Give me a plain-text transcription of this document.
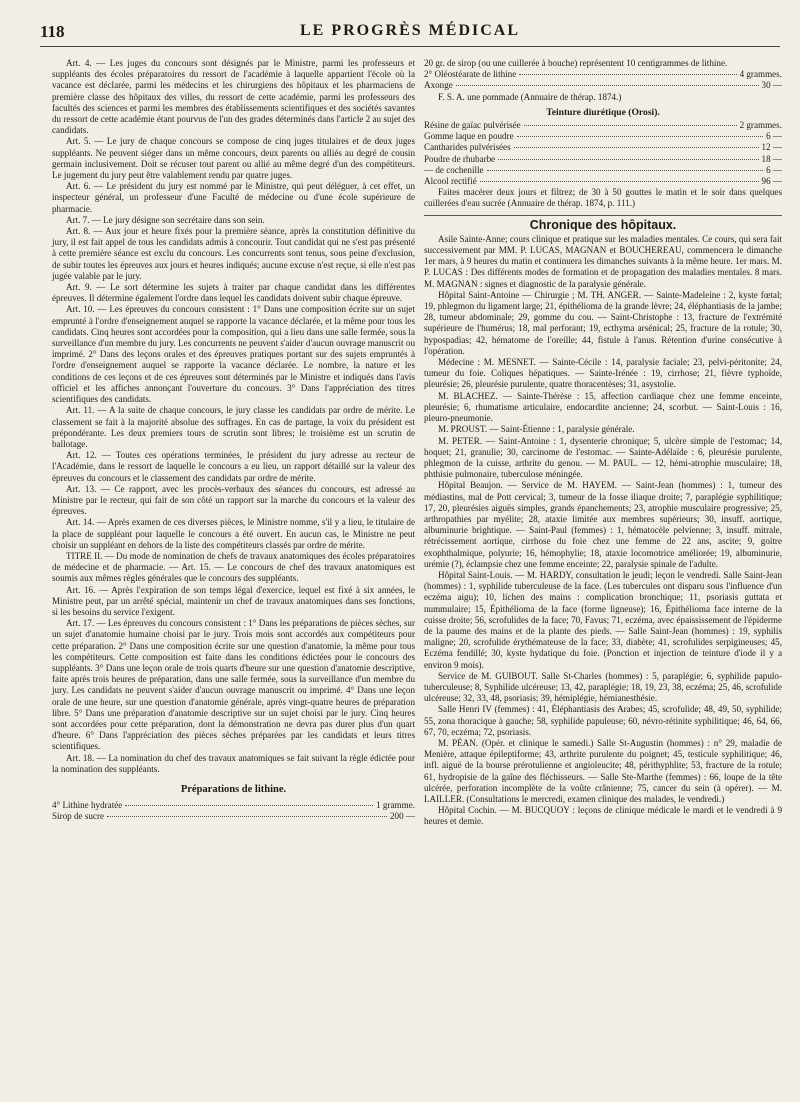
118	LE PROGRÈS MÉDICAL

Art. 4. — Les juges du concours sont désignés par le Ministre, parmi les professeurs et suppléants des écoles préparatoires du ressort de l'académie à laquelle appartient l'école où la vacance est déclarée, parmi les médecins et les chirurgiens des hôpitaux et les pharmaciens de première classe des hôpitaux des villes, du ressort de cette académie, parmi les professeurs des facultés des sciences et parmi les membres des établissements scientifiques et des sociétés savantes du ressort de cette académie étant pourvus de l'un des grades déterminés dans l'article 2 au sujet des candidats.

Art. 5. — Le jury de chaque concours se compose de cinq juges titulaires et de deux juges suppléants. Ne peuvent siéger dans un même concours, deux parents ou alliés au degré de cousin germain inclusivement. Doit se récuser tout parent ou allié au même degré d'un des compétiteurs. Le jugement du jury peut être valablement rendu par quatre juges.

Art. 6. — Le président du jury est nommé par le Ministre, qui peut déléguer, à cet effet, un inspecteur général, un professeur d'une Faculté de médecine ou d'une école supérieure de pharmacie.

Art. 7. — Le jury désigne son secrétaire dans son sein.

Art. 8. — Aux jour et heure fixés pour la première séance, après la constitution définitive du jury, il est fait appel de tous les candidats admis à concourir. Tout candidat qui ne s'est pas présenté à cette première séance est exclu du concours. Les concurrents sont tenus, sous peine d'exclusion, de subir toutes les épreuves aux jours et heures indiqués; aucune excuse n'est reçue, si elle n'est pas jugée valable par le jury.

Art. 9. — Le sort détermine les sujets à traiter par chaque candidat dans les différentes épreuves. Il détermine également l'ordre dans lequel les candidats doivent subir chaque épreuve.

Art. 10. — Les épreuves du concours consistent : 1° Dans une composition écrite sur un sujet emprunté à l'ordre d'enseignement auquel se rapporte la vacance déclarée, et la même pour tous les candidats. Cinq heures sont accordées pour la composition, qui a lieu dans une salle fermée, sous la surveillance d'un membre du jury. Les concurrents ne peuvent s'aider d'aucun ouvrage manuscrit ou imprimé. 2° Dans des leçons orales et des épreuves pratiques portant sur des sujets empruntés à l'ordre d'enseignement auquel se rapporte la vacance déclarée. Le nombre, la nature et les conditions de ces leçons et de ces épreuves sont déterminés par le Ministre et indiqués dans l'avis officiel et les affiches annonçant l'ouverture du concours. 3° Dans l'appréciation des titres scientifiques des candidats.

Art. 11. — A la suite de chaque concours, le jury classe les candidats par ordre de mérite. Le classement se fait à la majorité absolue des suffrages. En cas de partage, la voix du président est prépondérante. Les deux premiers tours de scrutin sont libres; le troisième est un scrutin de ballotage.

Art. 12. — Toutes ces opérations terminées, le président du jury adresse au recteur de l'Académie, dans le ressort de laquelle le concours a eu lieu, un rapport détaillé sur la valeur des épreuves du concours et le classement des candidats par ordre de mérite.

Art. 13. — Ce rapport, avec les procès-verbaux des séances du concours, est adressé au Ministre par le recteur, qui fait de son côté un rapport sur la marche du concours et la valeur des épreuves.

Art. 14. — Après examen de ces diverses pièces, le Ministre nomme, s'il y a lieu, le titulaire de la place de suppléant pour laquelle le concours a été ouvert. En aucun cas, le Ministre ne peut choisir un suppléant en dehors de la liste des compétiteurs classés par ordre de mérite.

TITRE II. — Du mode de nomination de chefs de travaux anatomiques des écoles préparatoires de médecine et de pharmacie. — Art. 15. — Le concours de chef des travaux anatomiques est soumis aux mêmes règles générales que le concours des suppléants.

Art. 16. — Après l'expiration de son temps légal d'exercice, lequel est fixé à six années, le Ministre peut, par un arrêté spécial, maintenir un chef de travaux anatomiques dans ses fonctions, si les besoins du service l'exigent.

Art. 17. — Les épreuves du concours consistent : 1° Dans les préparations de pièces sèches, sur un sujet d'anatomie humaine choisi par le jury. Trois mois sont accordés aux compétiteurs pour cette préparation. 2° Dans une composition écrite sur une question d'anatomie, la même pour tous les compétiteurs. Cette composition est faite dans les conditions édictées pour le concours des suppléants. 3° Dans une leçon orale de trois quarts d'heure sur une question d'anatomie descriptive, faite après trois heures de préparation, dans une salle fermée, sous la surveillance d'un membre du jury. Les candidats ne peuvent s'aider d'aucun ouvrage manuscrit ou imprimé. 4° Dans une leçon orale de une heure, sur une question d'anatomie générale, après vingt-quatre heures de préparation libre. 5° Dans une préparation d'anatomie descriptive sur un sujet choisi par le jury. Cinq heures sont accordées pour cette préparation, dont la démonstration ne devra pas durer plus d'un quart d'heure. 6° Dans l'appréciation des pièces sèches préparées par les candidats et leurs titres scientifiques.

Art. 18. — La nomination du chef des travaux anatomiques se fait suivant la règle édictée pour la nomination des suppléants.

Préparations de lithine.
4° Lithine hydratée	1 gramme.
Sirop de sucre	200 —

20 gr. de sirop (ou une cuillerée à bouche) représentent 10 centigrammes de lithine.

2° Oléostéarate de lithine	4 grammes.
Axonge	30 —

F. S. A. une pommade (Annuaire de thérap. 1874.)

Teinture diurétique (Orosi).
Résine de gaïac pulvérisée	2 grammes.
Gomme laque en poudre	6 —
Cantharides pulvérisées	12 —
Poudre de rhubarbe	18 —
— de cochenille	6 —
Alcool rectifié	96 —

Faites macérer deux jours et filtrez; de 30 à 50 gouttes le matin et le soir dans quelques cuillerées d'eau sucrée (Annuaire de thérap. 1874, p. 111.)

Chronique des hôpitaux.

Asile Sainte-Anne; cours clinique et pratique sur les maladies mentales. Ce cours, qui sera fait successivement par MM. P. LUCAS, MAGNAN et BOUCHEREAU, commencera le dimanche 1er mars, à 9 heures du matin et continuera les dimanches suivants à la même heure. 1er mars. M. P. LUCAS : Des différents modes de formation et de propagation des maladies mentales. 8 mars. M. MAGNAN : signes et diagnostic de la paralysie générale.

Hôpital Saint-Antoine — Chirurgie ; M. TH. ANGER. — Sainte-Madeleine : 2, kyste fœtal; 19, phlegmon du ligament large; 21, épithélioma de la grande lèvre; 24, éléphantiasis de la jambe; 28, tumeur abdominale; 29, gomme du cou. — Saint-Christophe : 13, fracture de l'extrémité supérieure de l'humérus; 18, mal perforant; 19, ecthyma arsénical; 25, fracture de la rotule; 30, hypospadias; 42, hématome de l'oreille; 44, fistule à l'anus. Rétention d'urine consécutive à l'opération.

Médecine : M. MESNET. — Sainte-Cécile : 14, paralysie faciale; 23, pelvi-péritonite; 24, tumeur du foie. Coliques hépatiques. — Sainte-Irénée : 19, cirrhose; 21, fièvre typhoïde, pleurésie; 26, pleurésie purulente, quatre thoracentèses; 31, asystolie.

M. BLACHEZ. — Sainte-Thérèse : 15, affection cardiaque chez une femme enceinte, pleurésie; 6, rhumatisme articulaire, endocardite ancienne; 24, scorbut. — Saint-Louis : 16, pleuro-pneumonie.

M. PROUST. — Saint-Étienne : 1, paralysie générale.

M. PETER. — Saint-Antoine : 1, dysenterie chronique; 5, ulcère simple de l'estomac; 14, hoquet; 21, granulie; 30, carcinome de l'estomac. — Sainte-Adélaïde : 6, pleurésie purulente, phlegmon de la cuisse, arthrite du genou. — M. PAUL. — 12, hémi-atrophie musculaire; 18, phthisie pulmonaire, tuberculose méningée.

Hôpital Beaujon. — Service de M. HAYEM. — Saint-Jean (hommes) : 1, tumeur des médiastins, mal de Pott cervical; 3, tumeur de la fosse iliaque droite; 7, paraplégie syphilitique; 17, 20, pleurésies aiguës simples, grands épanchements; 23, atrophie musculaire progressive; 25, arthropathies par myélite; 28, ataxie limitée aux membres supérieurs; 30, insuff. aortique, albuminurie brightique. — Saint-Paul (femmes) : 1, hématocèle pelvienne; 3, insuff. mitrale, rétrécissement aortique, cirrhose du foie chez une femme de 22 ans, ascite; 9, goitre exophthalmique, polyurie; 16, hémophylie; 18, ataxie locomotrice améliorée; 19, albuminurie, urémie (?), éclampsie chez une femme enceinte; 22, paralysie spinale de l'adulte.

Hôpital Saint-Louis. — M. HARDY, consultation le jeudi; leçon le vendredi. Salle Saint-Jean (hommes) : 1, syphilide tuberculeuse de la face. (Les tubercules ont disparu sous l'influence d'un eczéma aigu); 10, lichen des mains : complication bronchique; 11, psoriasis guttata et nummulaire; 15, Épithélioma de la face (forme ligneuse); 16, Épithélioma face interne de la cuisse droite; 56, scrofulides de la face; 70, Favus; 71, eczéma, avec épaississement de l'épiderme de la paume des mains et de la plante des pieds. — Salle Saint-Jean (hommes) : 19, syphilis maligne; 20, scrofulide érythémateuse de la face; 33, diabète; 41, scrofulides serpigineuses; 45, Eczéma fendillé; 30, kyste hydatique du foie. (Ponction et injection de teinture d'iode il y a environ 9 mois).

Service de M. GUIBOUT. Salle St-Charles (hommes) : 5, paraplégie; 6, syphilide papulo-tuberculeuse; 8, Syphilide ulcéreuse; 13, 42, paraplégie; 18, 19, 23, 38, eczéma; 25, 46, scrofulide ulcéreuse; 32, 33, 48, psoriasis; 39, hémiplégie, hémianesthésie.

Salle Henri IV (femmes) : 41, Éléphantiasis des Arabes; 45, scrofulide; 48, 49, 50, syphilide; 55, zona thoracique à gauche; 58, syphilide papuleuse; 60, névro-rétinite syphilitique; 46, 64, 66, 67, 70, eczéma; 72, psoriasis.

M. PÉAN. (Opér. et clinique le samedi.) Salle St-Augustin (hommes) : n° 29, maladie de Menière, attaque épileptiforme; 43, arthrite purulente du poignet; 45, testicule syphilitique; 46, infl. aiguë de la bourse prérotulienne et angioleucite; 48, périthyphlite; 53, fracture de la rotule; 61, hydropisie de la gaîne des fléchisseurs. — Salle Ste-Marthe (femmes) : 66, loupe de la tête ulcérée, perforation incomplète de la voûte crânienne; 75, cancer du sein (à opérer). — M. LAILLER. (Consultations le mercredi, examen clinique des malades, le vendredi.)

Hôpital Cochin. — M. BUCQUOY : leçons de clinique médicale le mardi et le vendredi à 9 heures et demie.
